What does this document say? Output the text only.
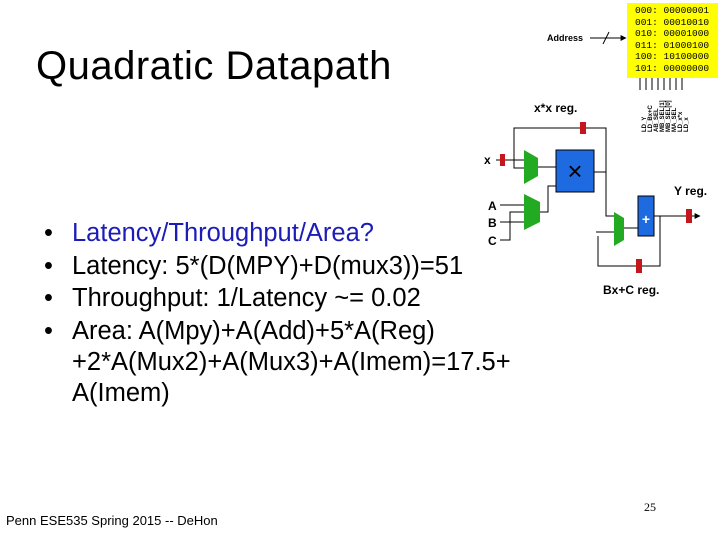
Quadratic Datapath
• Latency/Throughput/Area?
• Latency: 5*(D(MPY)+D(mux3))=51
• Throughput: 1/Latency ~= 0.02
• Area: A(Mpy)+A(Add)+5*A(Reg)
+2*A(Mux2)+A(Mux3)+A(Imem)=17.5+
A(Imem)
Address
LD_x
LD_x*x
MA_SEL
MB_SEL[0]
MB_SEL[1]
AB_SEL
LD_Bx+C
LD_Y
x*x reg.
x	×
A
B
C
+
Y reg.
Bx+C reg.
000: 00000001
001: 00010010
010: 00001000
011: 01000100
100: 10100000
101: 00000000
25
Penn ESE535 Spring 2015 -- DeHon
